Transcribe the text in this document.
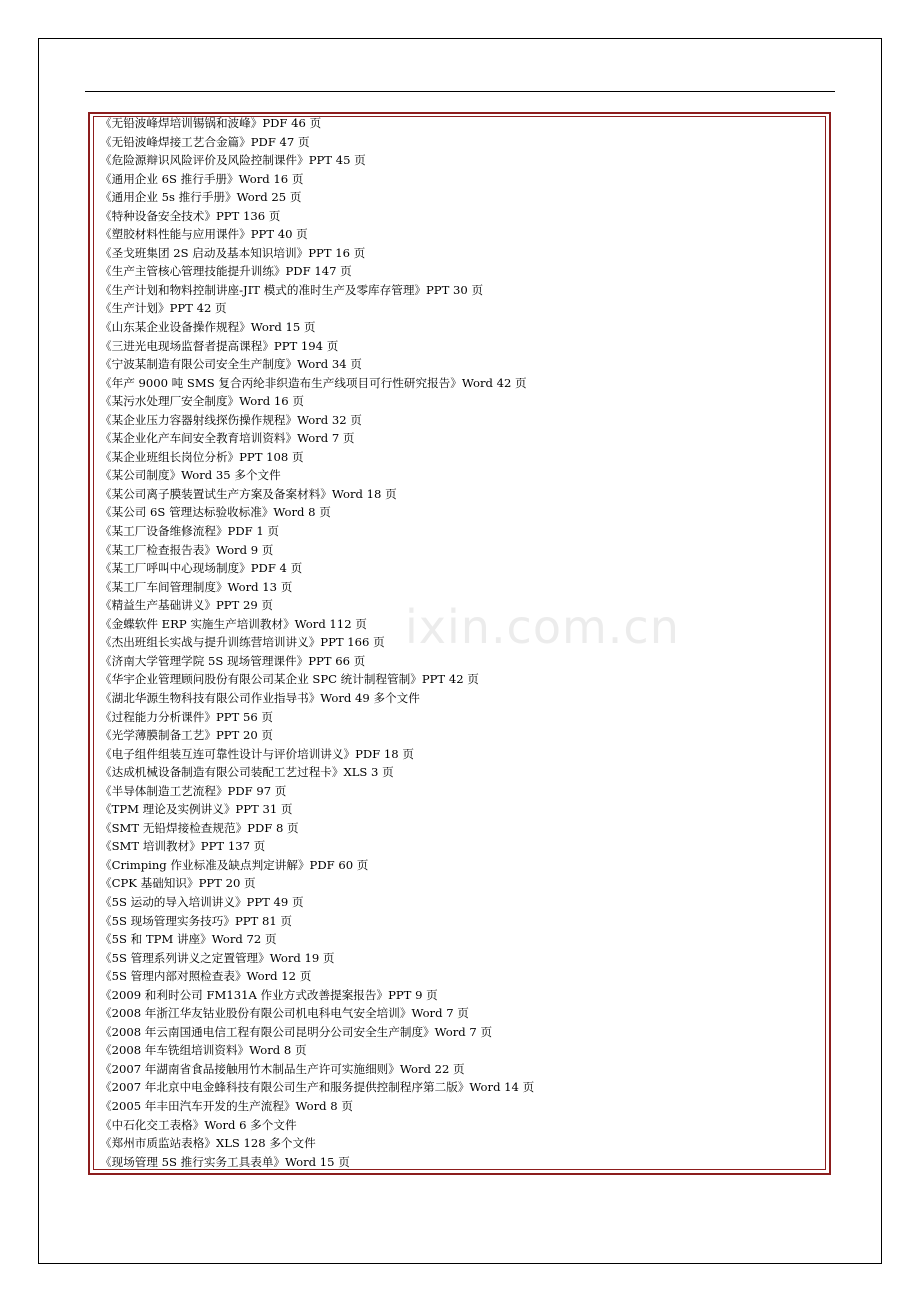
ixin.com.cn
《无铅波峰焊培训锡锅和波峰》PDF 46 页
《无铅波峰焊接工艺合金篇》PDF 47 页
《危险源辩识风险评价及风险控制课件》PPT 45 页
《通用企业 6S 推行手册》Word 16 页
《通用企业 5s 推行手册》Word 25 页
《特种设备安全技术》PPT 136 页
《塑胶材料性能与应用课件》PPT 40 页
《圣戈班集团 2S 启动及基本知识培训》PPT 16 页
《生产主管核心管理技能提升训练》PDF 147 页
《生产计划和物料控制讲座-JIT 模式的准时生产及零库存管理》PPT 30 页
《生产计划》PPT 42 页
《山东某企业设备操作规程》Word 15 页
《三进光电现场监督者提高课程》PPT 194 页
《宁波某制造有限公司安全生产制度》Word 34 页
《年产 9000 吨 SMS 复合丙纶非织造布生产线项目可行性研究报告》Word 42 页
《某污水处理厂安全制度》Word 16 页
《某企业压力容器射线探伤操作规程》Word 32 页
《某企业化产车间安全教育培训资料》Word 7 页
《某企业班组长岗位分析》PPT 108 页
《某公司制度》Word 35 多个文件
《某公司离子膜装置试生产方案及备案材料》Word 18 页
《某公司 6S 管理达标验收标准》Word 8 页
《某工厂设备维修流程》PDF 1 页
《某工厂检查报告表》Word 9 页
《某工厂呼叫中心现场制度》PDF 4 页
《某工厂车间管理制度》Word 13 页
《精益生产基础讲义》PPT 29 页
《金蝶软件 ERP 实施生产培训教材》Word 112 页
《杰出班组长实战与提升训练营培训讲义》PPT 166 页
《济南大学管理学院 5S 现场管理课件》PPT 66 页
《华宇企业管理顾问股份有限公司某企业 SPC 统计制程管制》PPT 42 页
《湖北华源生物科技有限公司作业指导书》Word 49 多个文件
《过程能力分析课件》PPT 56 页
《光学薄膜制备工艺》PPT 20 页
《电子组件组装互连可靠性设计与评价培训讲义》PDF 18 页
《达成机械设备制造有限公司装配工艺过程卡》XLS 3 页
《半导体制造工艺流程》PDF 97 页
《TPM 理论及实例讲义》PPT 31 页
《SMT 无铅焊接检查规范》PDF 8 页
《SMT 培训教材》PPT 137 页
《Crimping 作业标准及缺点判定讲解》PDF 60 页
《CPK 基础知识》PPT 20 页
《5S 运动的导入培训讲义》PPT 49 页
《5S 现场管理实务技巧》PPT 81 页
《5S 和 TPM 讲座》Word 72 页
《5S 管理系列讲义之定置管理》Word 19 页
《5S 管理内部对照检查表》Word 12 页
《2009 和利时公司 FM131A 作业方式改善提案报告》PPT 9 页
《2008 年浙江华友钴业股份有限公司机电科电气安全培训》Word 7 页
《2008 年云南国通电信工程有限公司昆明分公司安全生产制度》Word 7 页
《2008 年车铣组培训资料》Word 8 页
《2007 年湖南省食品接触用竹木制品生产许可实施细则》Word 22 页
《2007 年北京中电金蜂科技有限公司生产和服务提供控制程序第二版》Word 14 页
《2005 年丰田汽车开发的生产流程》Word 8 页
《中石化交工表格》Word 6 多个文件
《郑州市质监站表格》XLS 128 多个文件
《现场管理 5S 推行实务工具表单》Word 15 页
